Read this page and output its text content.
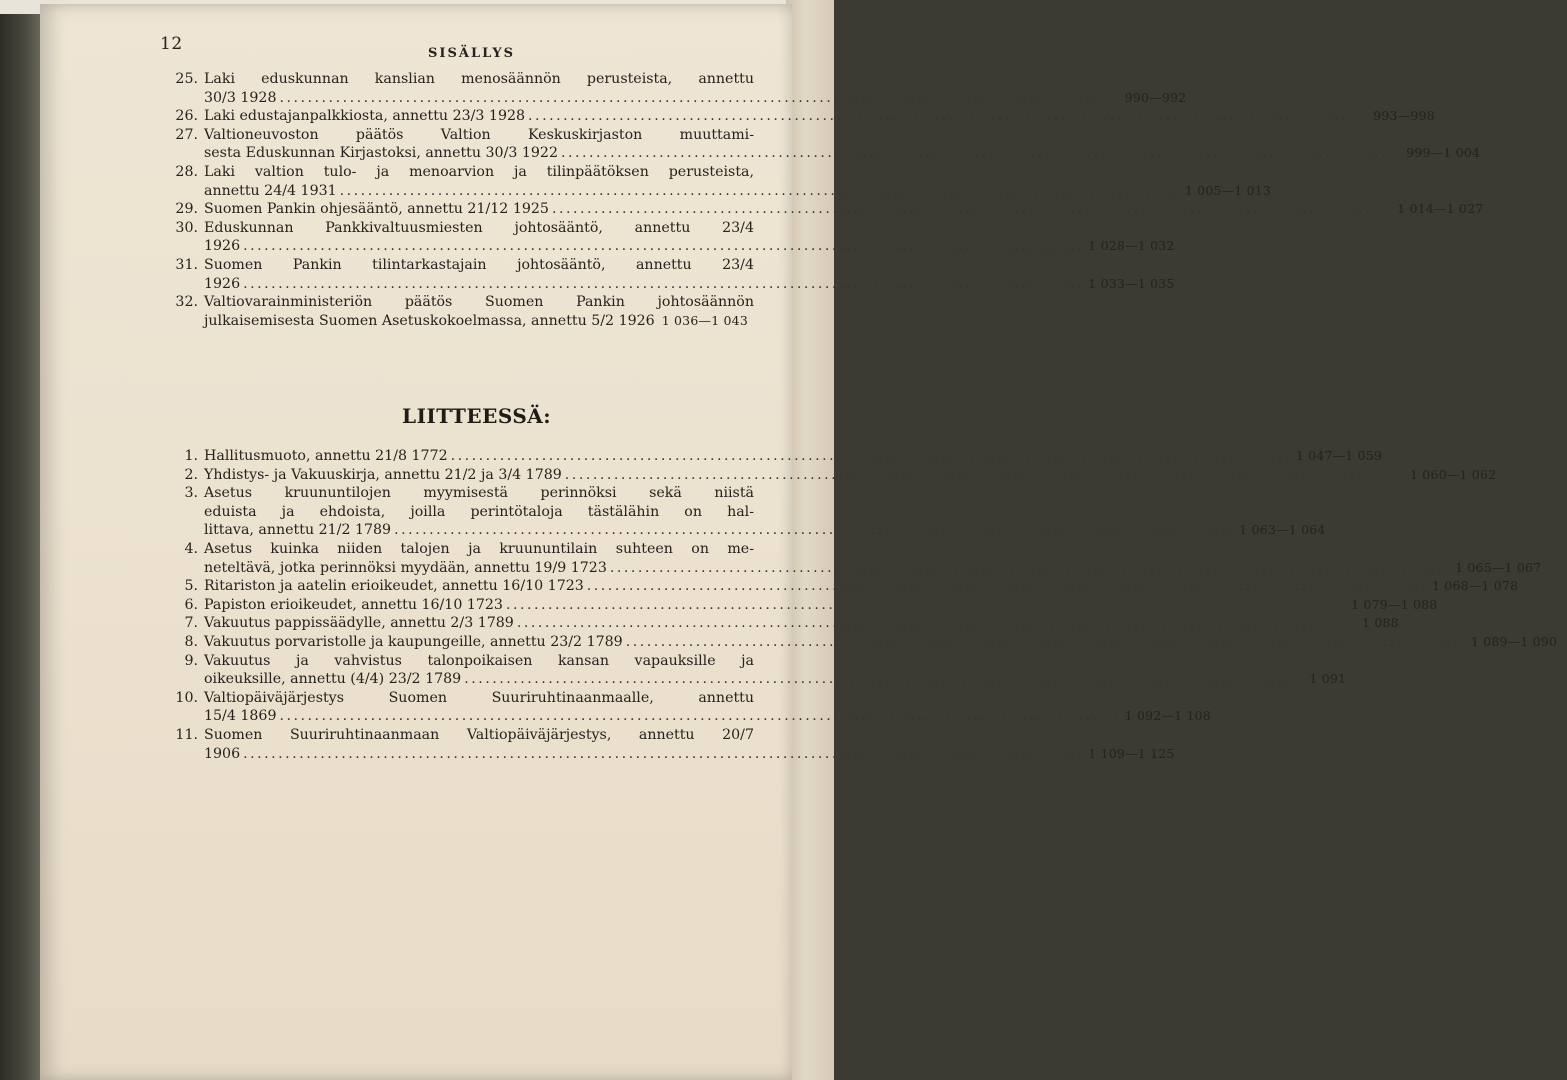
12	SISÄLLYS
25. Laki eduskunnan kanslian menosäännön perusteista, annettu
30/3 1928 ........................................................................................................................ 990—992
26. Laki edustajanpalkkiosta, annettu 23/3 1928 ........................................................................................................................ 993—998
27. Valtioneuvoston päätös Valtion Keskuskirjaston muuttami-
sesta Eduskunnan Kirjastoksi, annettu 30/3 1922 ........................................................................................................................ 999—1 004
28. Laki valtion tulo- ja menoarvion ja tilinpäätöksen perusteista,
annettu 24/4 1931 ........................................................................................................................ 1 005—1 013
29. Suomen Pankin ohjesääntö, annettu 21/12 1925 ........................................................................................................................ 1 014—1 027
30. Eduskunnan Pankkivaltuusmiesten johtosääntö, annettu 23/4
1926 ........................................................................................................................ 1 028—1 032
31. Suomen Pankin tilintarkastajain johtosääntö, annettu 23/4
1926 ........................................................................................................................ 1 033—1 035
32. Valtiovarainministeriön päätös Suomen Pankin johtosäännön
julkaisemisesta Suomen Asetuskokoelmassa, annettu 5/2 1926 1 036—1 043
LIITTEESSÄ:
1. Hallitusmuoto, annettu 21/8 1772 ........................................................................................................................ 1 047—1 059
2. Yhdistys- ja Vakuuskirja, annettu 21/2 ja 3/4 1789 ........................................................................................................................ 1 060—1 062
3. Asetus kruununtilojen myymisestä perinnöksi sekä niistä
eduista ja ehdoista, joilla perintötaloja tästälähin on hal-
littava, annettu 21/2 1789 ........................................................................................................................ 1 063—1 064
4. Asetus kuinka niiden talojen ja kruununtilain suhteen on me-
neteltävä, jotka perinnöksi myydään, annettu 19/9 1723 ........................................................................................................................ 1 065—1 067
5. Ritariston ja aatelin erioikeudet, annettu 16/10 1723 ........................................................................................................................ 1 068—1 078
6. Papiston erioikeudet, annettu 16/10 1723 ........................................................................................................................ 1 079—1 088
7. Vakuutus pappissäädylle, annettu 2/3 1789 ........................................................................................................................ 1 088
8. Vakuutus porvaristolle ja kaupungeille, annettu 23/2 1789 ........................................................................................................................ 1 089—1 090
9. Vakuutus ja vahvistus talonpoikaisen kansan vapauksille ja
oikeuksille, annettu (4/4) 23/2 1789 ........................................................................................................................ 1 091
10. Valtiopäiväjärjestys Suomen Suuriruhtinaanmaalle, annettu
15/4 1869 ........................................................................................................................ 1 092—1 108
11. Suomen Suuriruhtinaanmaan Valtiopäiväjärjestys, annettu 20/7
1906 ........................................................................................................................ 1 109—1 125
